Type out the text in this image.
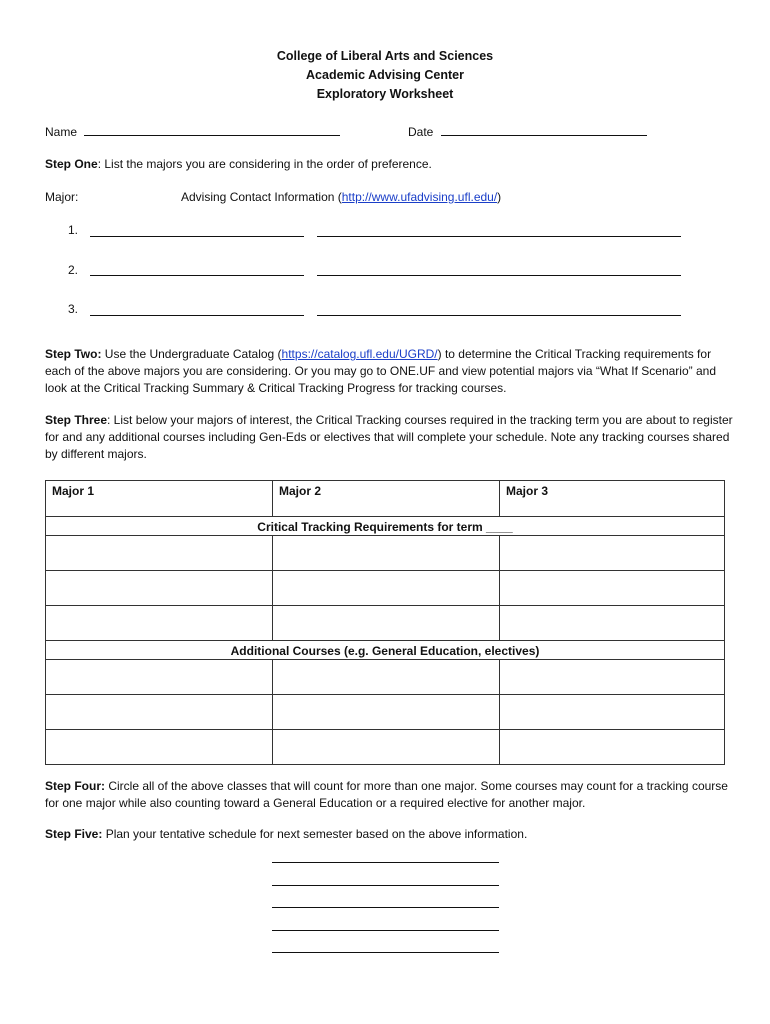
College of Liberal Arts and Sciences
Academic Advising Center
Exploratory Worksheet
Name	Date
Step One: List the majors you are considering in the order of preference.
Major:	Advising Contact Information (http://www.ufadvising.ufl.edu/)
1.
2.
3.
Step Two: Use the Undergraduate Catalog (https://catalog.ufl.edu/UGRD/) to determine the Critical Tracking requirements for each of the above majors you are considering. Or you may go to ONE.UF and view potential majors via “What If Scenario” and look at the Critical Tracking Summary & Critical Tracking Progress for tracking courses.
Step Three: List below your majors of interest, the Critical Tracking courses required in the tracking term you are about to register for and any additional courses including Gen-Eds or electives that will complete your schedule. Note any tracking courses shared by different majors.
Major 1	Major 2	Major 3
Critical Tracking Requirements for term ____		

Additional Courses (e.g. General Education, electives)		

Step Four: Circle all of the above classes that will count for more than one major. Some courses may count for a tracking course for one major while also counting toward a General Education or a required elective for another major.
Step Five: Plan your tentative schedule for next semester based on the above information.
